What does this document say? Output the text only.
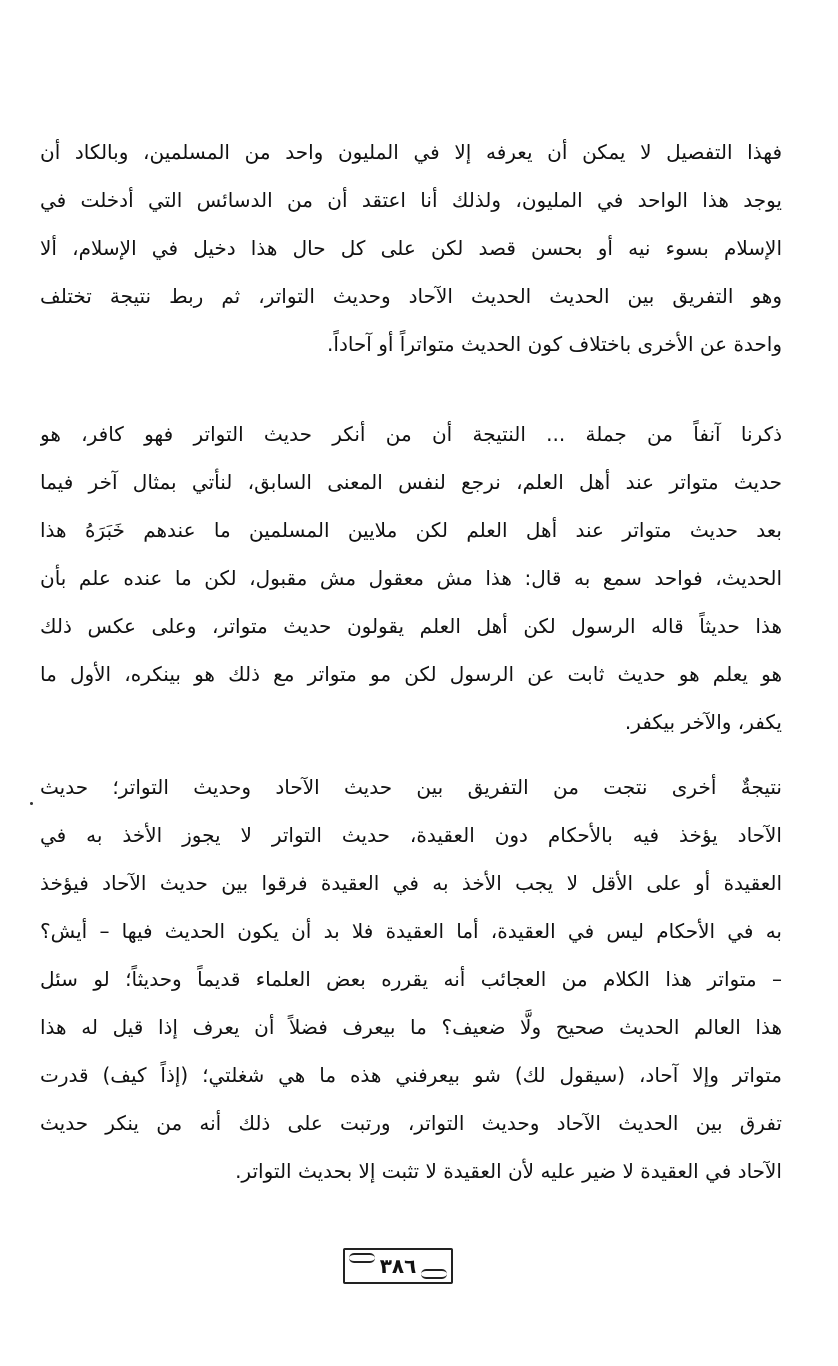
فهذا التفصيل لا يمكن أن يعرفه إلا في المليون واحد من المسلمين، وبالكاد أن
يوجد هذا الواحد في المليون، ولذلك أنا اعتقد أن من الدسائس التي أدخلت في
الإسلام بسوء نيه أو بحسن قصد لكن على كل حال هذا دخيل في الإسلام، ألا
وهو التفريق بين الحديث الحديث الآحاد وحديث التواتر، ثم ربط نتيجة تختلف
واحدة عن الأخرى باختلاف كون الحديث متواتراً أو آحاداً.
ذكرنا آنفاً من جملة ... النتيجة أن من أنكر حديث التواتر فهو كافر، هو
حديث متواتر عند أهل العلم، نرجع لنفس المعنى السابق، لنأتي بمثال آخر فيما
بعد حديث متواتر عند أهل العلم لكن ملايين المسلمين ما عندهم خَبَرَهُ هذا
الحديث، فواحد سمع به قال: هذا مش معقول مش مقبول، لكن ما عنده علم بأن
هذا حديثاً قاله الرسول لكن أهل العلم يقولون حديث متواتر، وعلى عكس ذلك
هو يعلم هو حديث ثابت عن الرسول لكن مو متواتر مع ذلك هو بينكره، الأول ما
يكفر، والآخر بيكفر.
نتيجةٌ أخرى نتجت من التفريق بين حديث الآحاد وحديث التواتر؛ حديث
الآحاد يؤخذ فيه بالأحكام دون العقيدة، حديث التواتر لا يجوز الأخذ به في
العقيدة أو على الأقل لا يجب الأخذ به في العقيدة فرقوا بين حديث الآحاد فيؤخذ
به في الأحكام ليس في العقيدة، أما العقيدة فلا بد أن يكون الحديث فيها – أيش؟
– متواتر هذا الكلام من العجائب أنه يقرره بعض العلماء قديماً وحديثاً؛ لو سئل
هذا العالم الحديث صحيح ولَّا ضعيف؟ ما بيعرف فضلاً أن يعرف إذا قيل له هذا
متواتر وإلا آحاد، (سيقول لك) شو بيعرفني هذه ما هي شغلتي؛ (إذاً كيف) قدرت
تفرق بين الحديث الآحاد وحديث التواتر، ورتبت على ذلك أنه من ينكر حديث
الآحاد في العقيدة لا ضير عليه لأن العقيدة لا تثبت إلا بحديث التواتر.
٣٨٦
